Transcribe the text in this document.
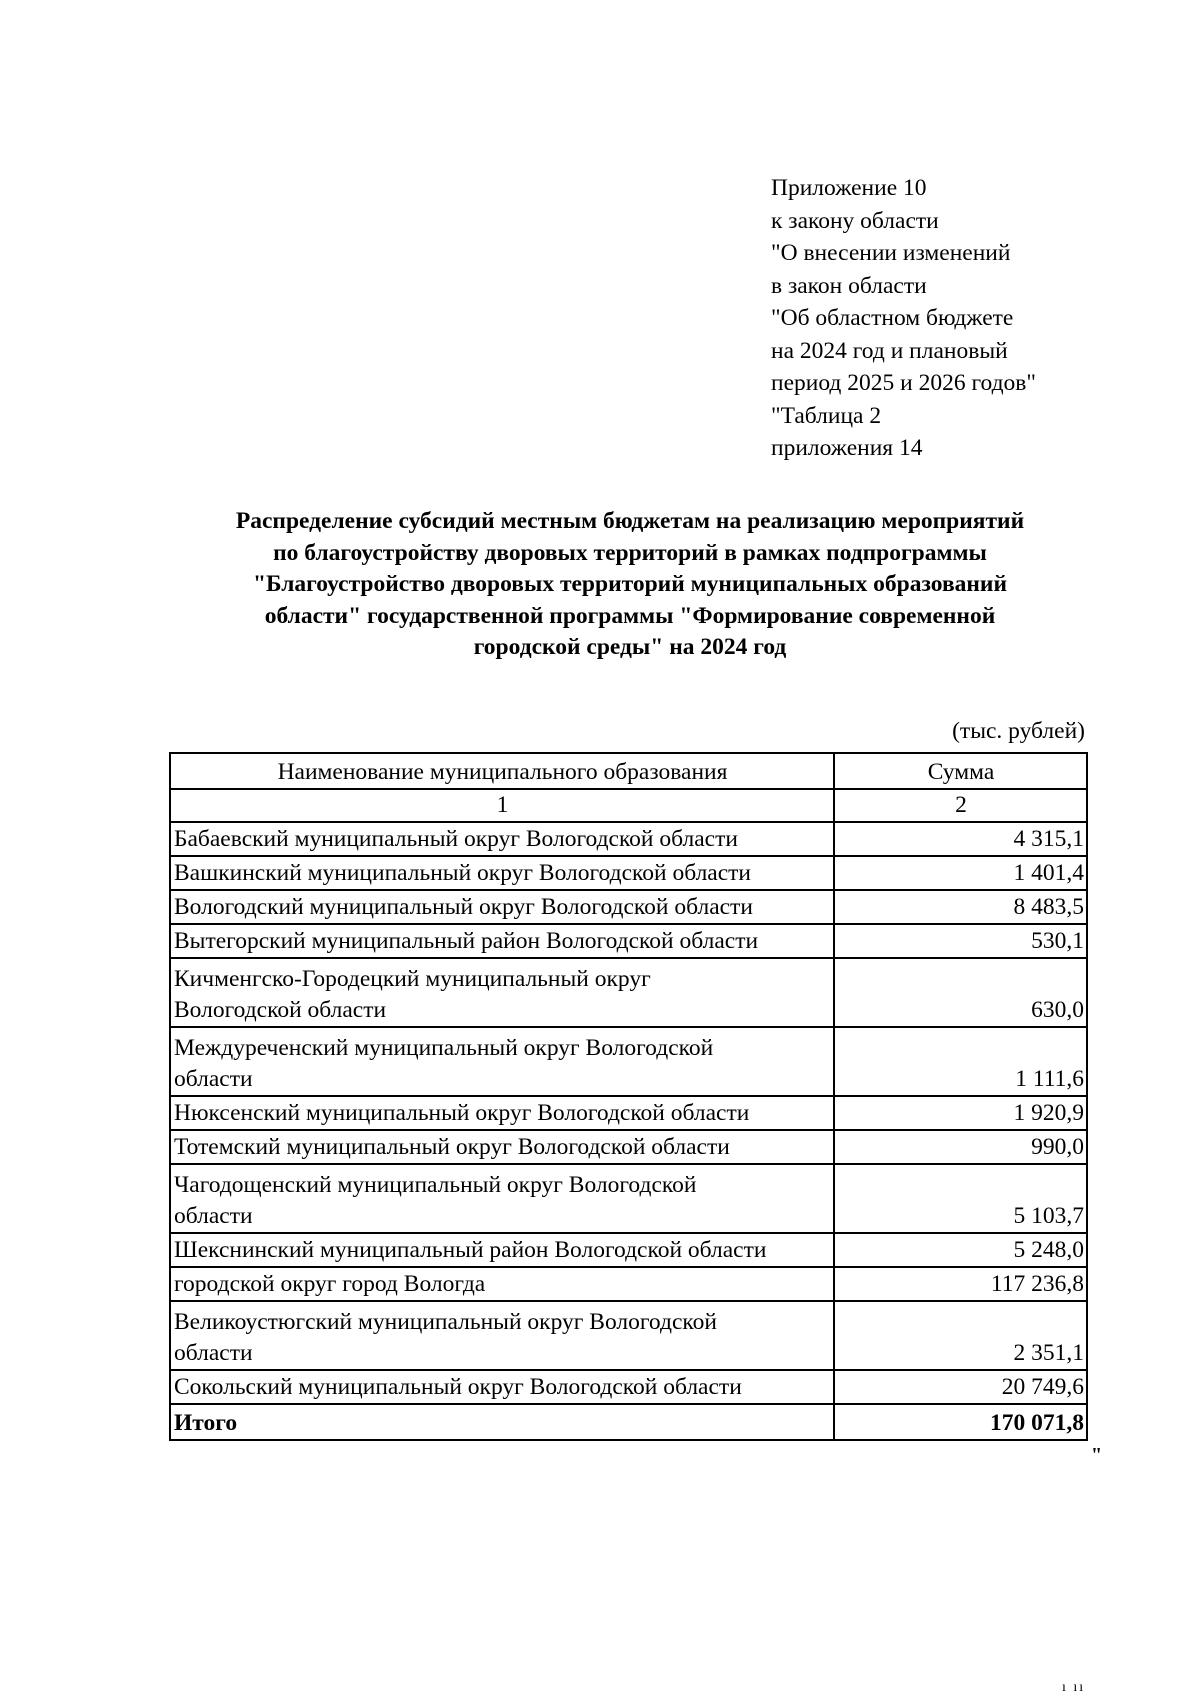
Приложение 10
к закону области
"О внесении изменений
в закон области
"Об областном бюджете
на 2024 год и плановый
период 2025 и 2026 годов"
"Таблица 2
приложения 14
Распределение субсидий местным бюджетам на реализацию мероприятий
по благоустройству дворовых территорий в рамках подпрограммы
"Благоустройство дворовых территорий муниципальных образований
области" государственной программы "Формирование современной
городской среды" на 2024 год
(тыс. рублей)
Наименование муниципального образования	Сумма
1	2
Бабаевский муниципальный округ Вологодской области	4 315,1
Вашкинский муниципальный округ Вологодской области	1 401,4
Вологодский муниципальный округ Вологодской области	8 483,5
Вытегорский муниципальный район Вологодской области	530,1

Кичменгско-Городецкий муниципальный округ
Вологодской области	630,0

Междуреченский муниципальный округ Вологодской
области	1 111,6
Нюксенский муниципальный округ Вологодской области	1 920,9
Тотемский муниципальный округ Вологодской области	990,0

Чагодощенский муниципальный округ Вологодской
области	5 103,7
Шекснинский муниципальный район Вологодской области	5 248,0
городской округ город Вологда	117 236,8

Великоустюгский муниципальный округ Вологодской
области	2 351,1
Сокольский муниципальный округ Вологодской области	20 749,6
Итого	170 071,8
"
ı ıı
